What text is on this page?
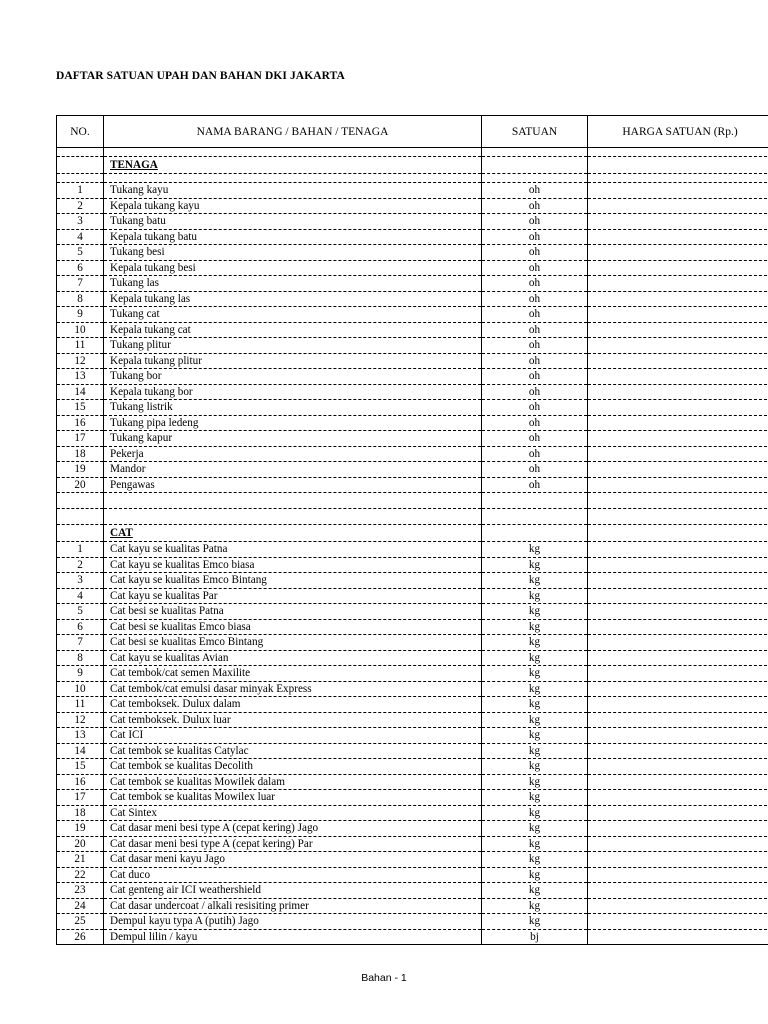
DAFTAR SATUAN UPAH DAN BAHAN DKI JAKARTA
NO.	NAMA BARANG / BAHAN / TENAGA	SATUAN	HARGA SATUAN (Rp.)

	TENAGA		

1	Tukang kayu	oh	
2	Kepala tukang kayu	oh	
3	Tukang batu	oh	
4	Kepala tukang batu	oh	
5	Tukang besi	oh	
6	Kepala tukang besi	oh	
7	Tukang las	oh	
8	Kepala tukang las	oh	
9	Tukang cat	oh	
10	Kepala tukang cat	oh	
11	Tukang plitur	oh	
12	Kepala tukang plitur	oh	
13	Tukang bor	oh	
14	Kepala tukang bor	oh	
15	Tukang listrik	oh	
16	Tukang pipa ledeng	oh	
17	Tukang kapur	oh	
18	Pekerja	oh	
19	Mandor	oh	
20	Pengawas	oh	

	CAT		
1	Cat kayu se kualitas Patna	kg	
2	Cat kayu se kualitas Emco biasa	kg	
3	Cat kayu se kualitas Emco Bintang	kg	
4	Cat kayu se kualitas Par	kg	
5	Cat besi se kualitas Patna	kg	
6	Cat besi se kualitas Emco biasa	kg	
7	Cat besi se kualitas Emco Bintang	kg	
8	Cat kayu se kualitas Avian	kg	
9	Cat tembok/cat semen Maxilite	kg	
10	Cat tembok/cat emulsi dasar minyak Express	kg	
11	Cat temboksek. Dulux dalam	kg	
12	Cat temboksek. Dulux luar	kg	
13	Cat ICI	kg	
14	Cat tembok se kualitas Catylac	kg	
15	Cat tembok se kualitas Decolith	kg	
16	Cat tembok se kualitas Mowilek dalam	kg	
17	Cat tembok se kualitas Mowilex luar	kg	
18	Cat Sintex	kg	
19	Cat dasar meni besi type A (cepat kering) Jago	kg	
20	Cat dasar meni besi type A (cepat kering) Par	kg	
21	Cat dasar meni kayu Jago	kg	
22	Cat duco	kg	
23	Cat genteng air ICI weathershield	kg	
24	Cat dasar undercoat / alkali resisiting primer	kg	
25	Dempul kayu typa A (putih) Jago	kg	
26	Dempul lilin / kayu	bj	
Bahan - 1
